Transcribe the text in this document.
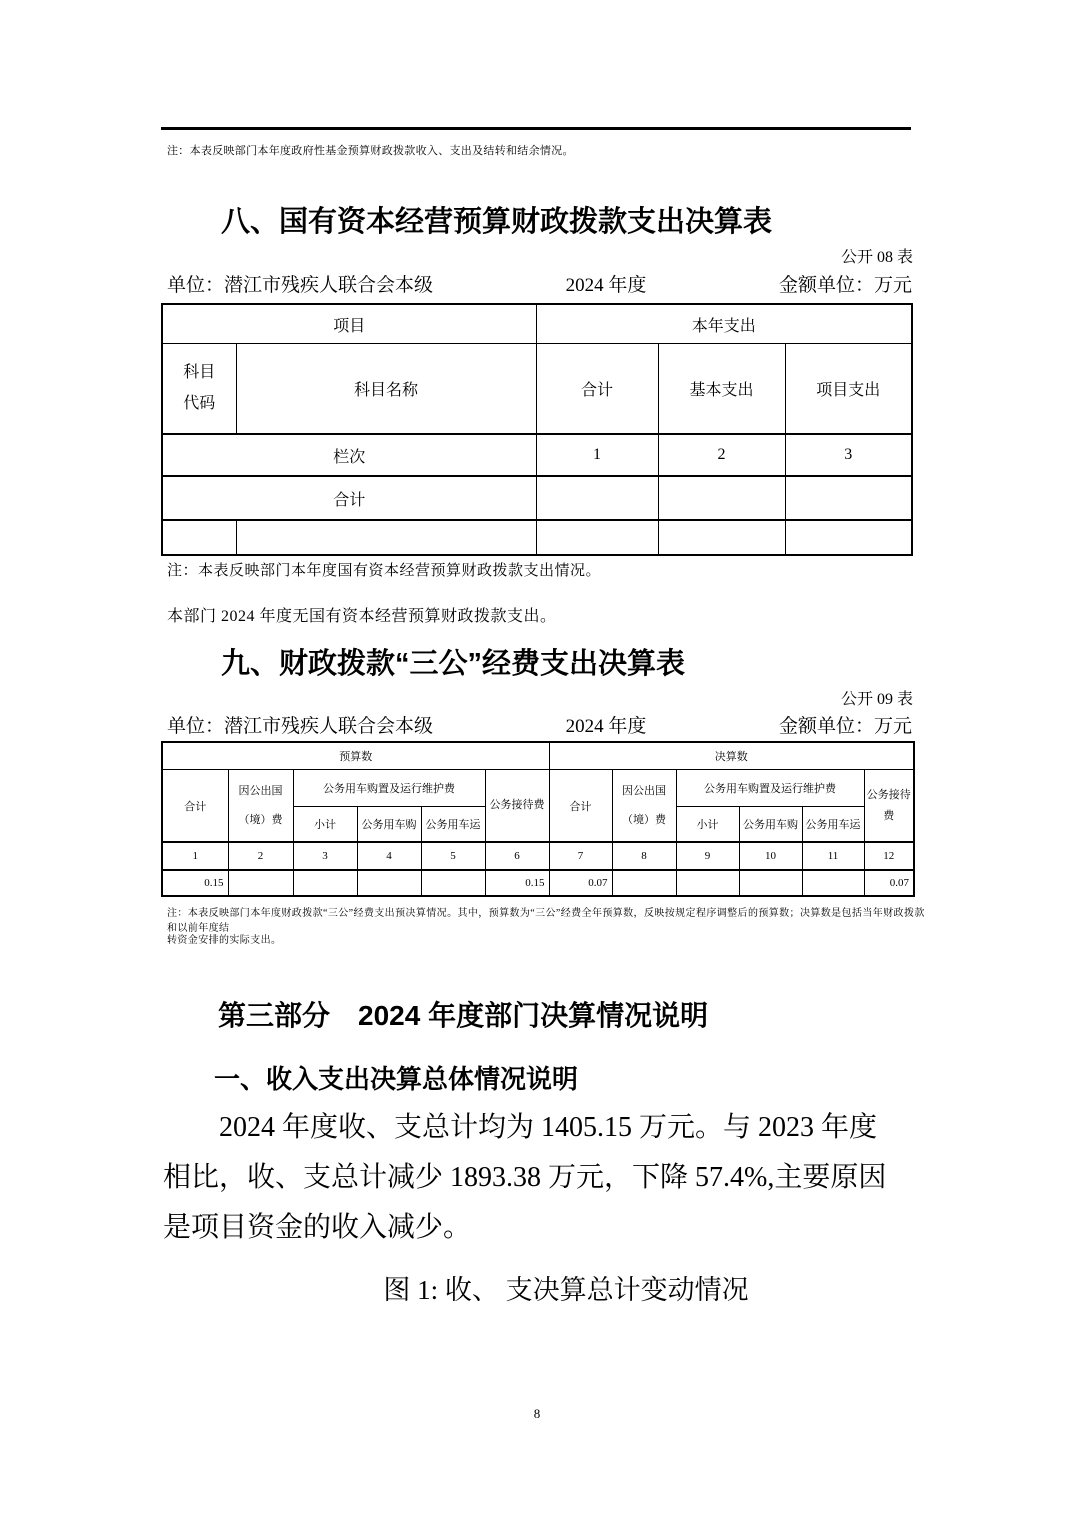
注：本表反映部门本年度政府性基金预算财政拨款收入、支出及结转和结余情况。
八、国有资本经营预算财政拨款支出决算表
公开 08 表
单位：潜江市残疾人联合会本级	2024 年度	金额单位：万元
项目		本年支出		
科目代码	科目名称	合计	基本支出	项目支出
栏次		1	2	3
合计				

注：本表反映部门本年度国有资本经营预算财政拨款支出情况。
本部门 2024 年度无国有资本经营预算财政拨款支出。
九、财政拨款“三公”经费支出决算表
公开 09 表
单位：潜江市残疾人联合会本级	2024 年度	金额单位：万元
预算数						决算数					
合计	因公出国（境）费	公务用车购置及运行维护费			公务接待费	合计	因公出国（境）费	公务用车购置及运行维护费			公务接待费
		小计	公务用车购	公务用车运				小计	公务用车购	公务用车运	
1	2	3	4	5	6	7	8	9	10	11	12
0.15					0.15	0.07					0.07
注：本表反映部门本年度财政拨款“三公”经费支出预决算情况。其中，预算数为“三公”经费全年预算数，反映按规定程序调整后的预算数；决算数是包括当年财政拨款和以前年度结
转资金安排的实际支出。
第三部分　2024 年度部门决算情况说明
一、收入支出决算总体情况说明
2024 年度收、支总计均为 1405.15 万元。与 2023 年度
相比，收、支总计减少 1893.38 万元，下降 57.4%,主要原因
是项目资金的收入减少。
图 1: 收、 支决算总计变动情况
8
